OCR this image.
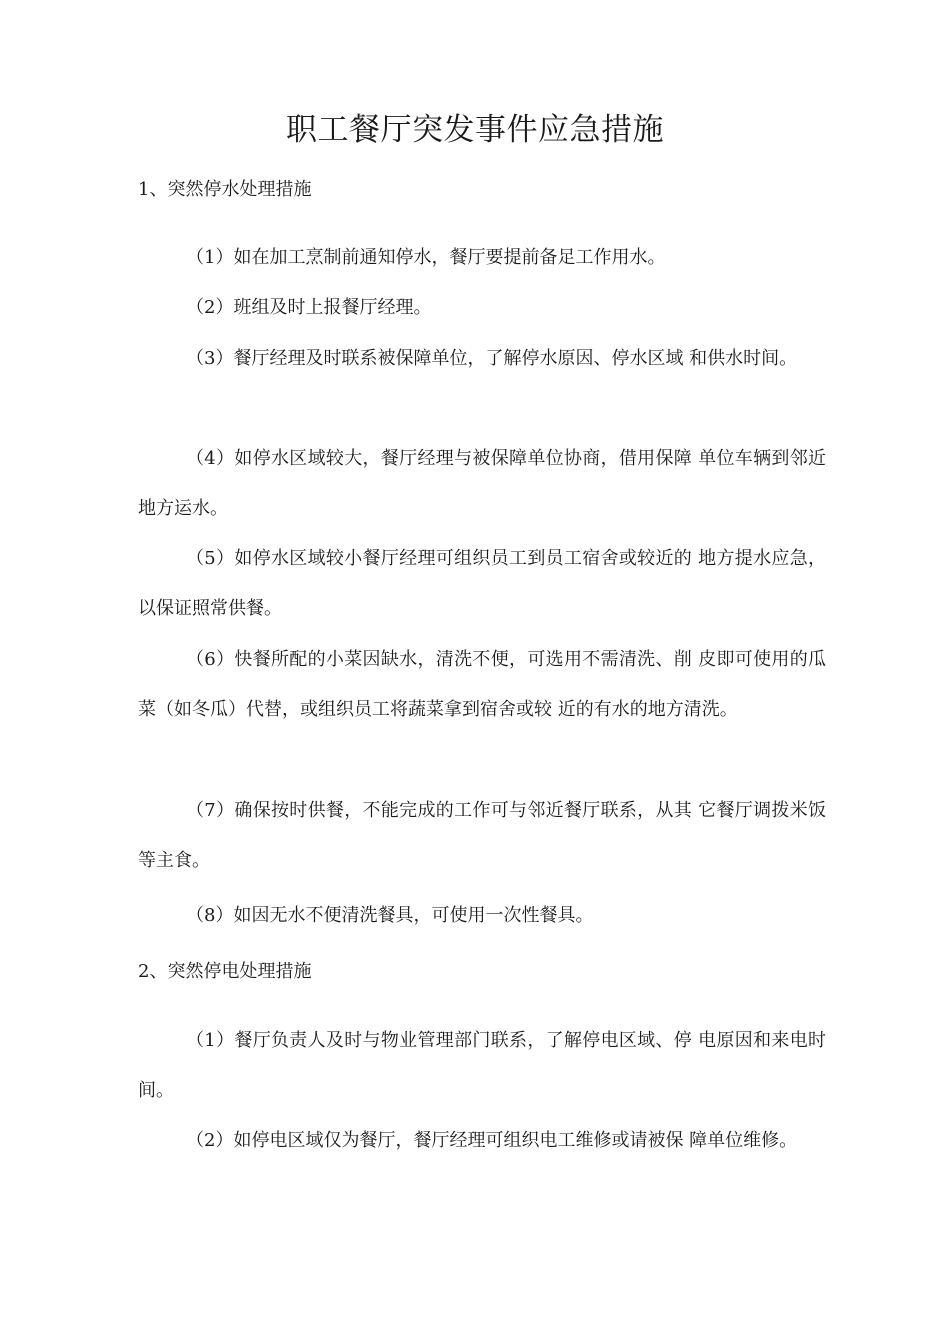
职工餐厅突发事件应急措施
1、突然停水处理措施
（1）如在加工烹制前通知停水，餐厅要提前备足工作用水。
（2）班组及时上报餐厅经理。
（3）餐厅经理及时联系被保障单位，了解停水原因、停水区域 和供水时间。
（4）如停水区域较大，餐厅经理与被保障单位协商，借用保障 单位车辆到邻近地方运水。
（5）如停水区域较小餐厅经理可组织员工到员工宿舍或较近的 地方提水应急，以保证照常供餐。
（6）快餐所配的小菜因缺水，清洗不便，可选用不需清洗、削 皮即可使用的瓜菜（如冬瓜）代替，或组织员工将蔬菜拿到宿舍或较 近的有水的地方清洗。
（7）确保按时供餐，不能完成的工作可与邻近餐厅联系，从其 它餐厅调拨米饭等主食。
（8）如因无水不便清洗餐具，可使用一次性餐具。
2、突然停电处理措施
（1）餐厅负责人及时与物业管理部门联系，了解停电区域、停 电原因和来电时间。
（2）如停电区域仅为餐厅，餐厅经理可组织电工维修或请被保 障单位维修。
